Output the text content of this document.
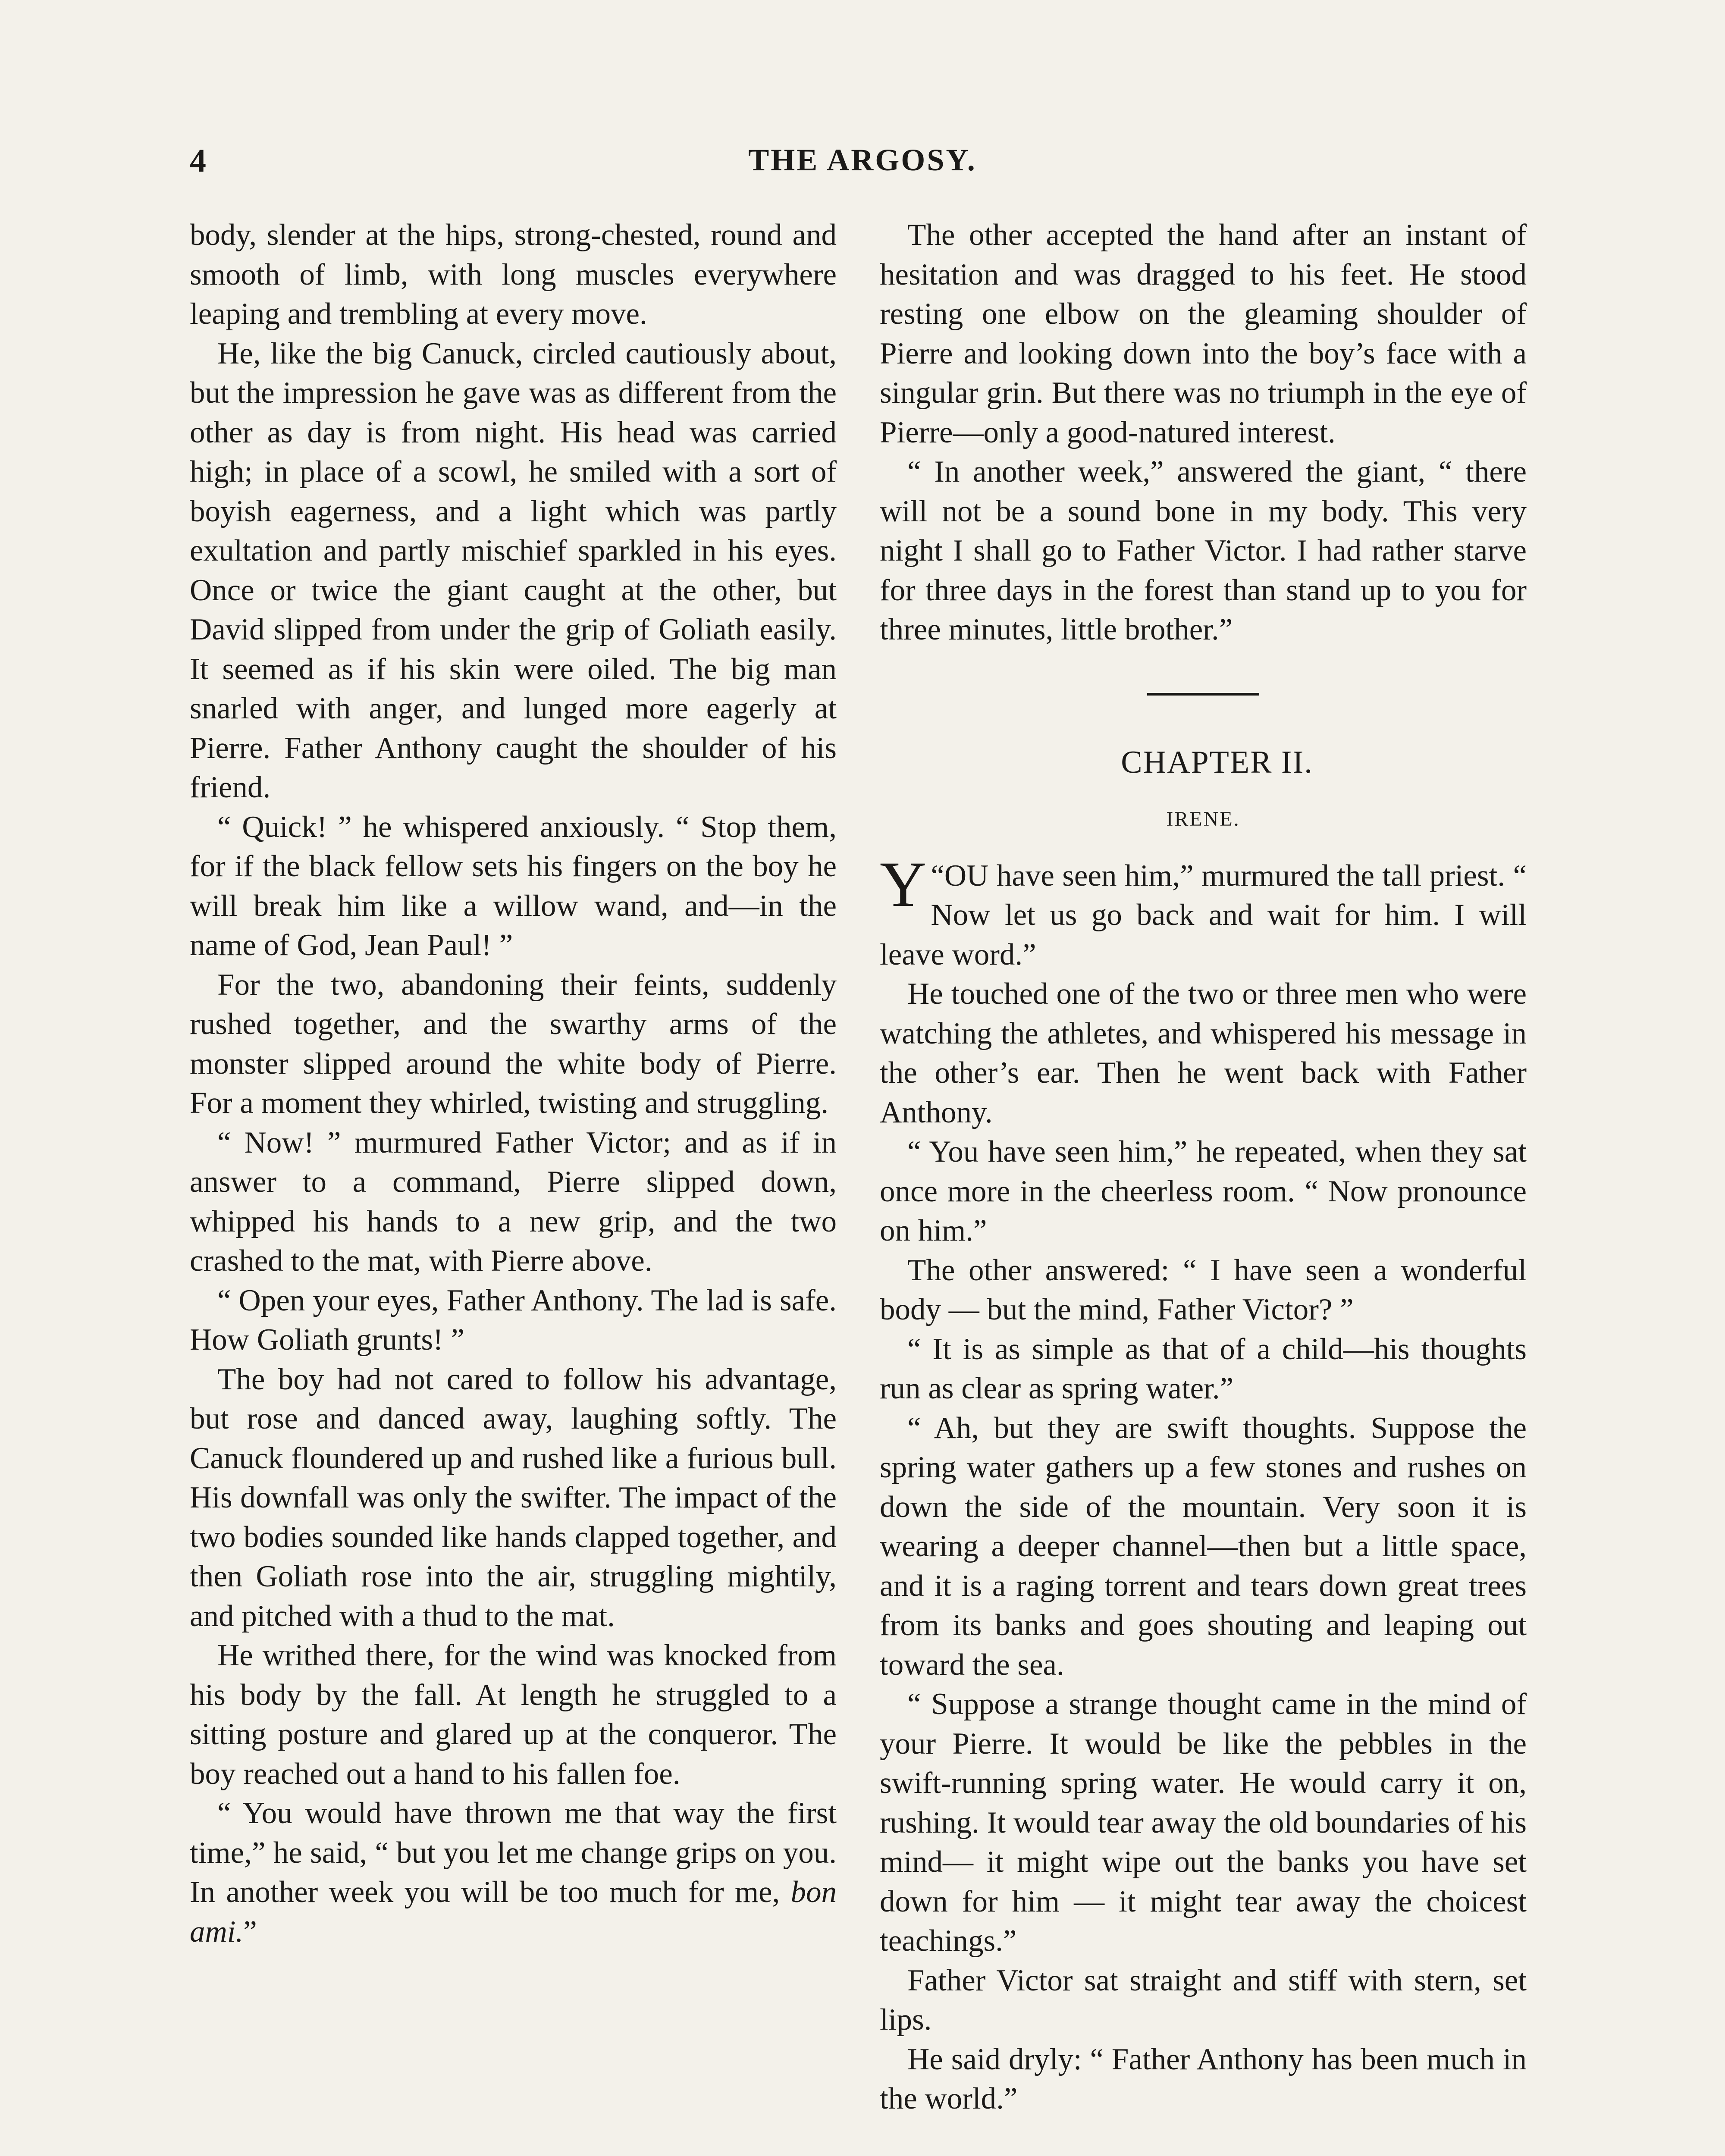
4	THE ARGOSY.

body, slender at the hips, strong-chested, round and smooth of limb, with long muscles everywhere leaping and trembling at every move.

He, like the big Canuck, circled cautiously about, but the impression he gave was as different from the other as day is from night. His head was carried high; in place of a scowl, he smiled with a sort of boyish eagerness, and a light which was partly exultation and partly mischief sparkled in his eyes. Once or twice the giant caught at the other, but David slipped from under the grip of Goliath easily. It seemed as if his skin were oiled. The big man snarled with anger, and lunged more eagerly at Pierre. Father Anthony caught the shoulder of his friend.

“ Quick! ” he whispered anxiously. “ Stop them, for if the black fellow sets his fingers on the boy he will break him like a willow wand, and—in the name of God, Jean Paul! ”

For the two, abandoning their feints, suddenly rushed together, and the swarthy arms of the monster slipped around the white body of Pierre. For a moment they whirled, twisting and struggling.

“ Now! ” murmured Father Victor; and as if in answer to a command, Pierre slipped down, whipped his hands to a new grip, and the two crashed to the mat, with Pierre above.

“ Open your eyes, Father Anthony. The lad is safe. How Goliath grunts! ”

The boy had not cared to follow his advantage, but rose and danced away, laughing softly. The Canuck floundered up and rushed like a furious bull. His downfall was only the swifter. The impact of the two bodies sounded like hands clapped together, and then Goliath rose into the air, struggling mightily, and pitched with a thud to the mat.

He writhed there, for the wind was knocked from his body by the fall. At length he struggled to a sitting posture and glared up at the conqueror. The boy reached out a hand to his fallen foe.

“ You would have thrown me that way the first time,” he said, “ but you let me change grips on you. In another week you will be too much for me, bon ami.”

The other accepted the hand after an instant of hesitation and was dragged to his feet. He stood resting one elbow on the gleaming shoulder of Pierre and looking down into the boy’s face with a singular grin. But there was no triumph in the eye of Pierre—only a good-natured interest.

“ In another week,” answered the giant, “ there will not be a sound bone in my body. This very night I shall go to Father Victor. I had rather starve for three days in the forest than stand up to you for three minutes, little brother.”

CHAPTER II.

IRENE.

“
Y OU have seen him,” murmured the tall priest. “ Now let us go back and wait for him. I will leave word.”

He touched one of the two or three men who were watching the athletes, and whispered his message in the other’s ear. Then he went back with Father Anthony.

“ You have seen him,” he repeated, when they sat once more in the cheerless room. “ Now pronounce on him.”

The other answered: “ I have seen a wonderful body — but the mind, Father Victor? ”

“ It is as simple as that of a child—his thoughts run as clear as spring water.”

“ Ah, but they are swift thoughts. Suppose the spring water gathers up a few stones and rushes on down the side of the mountain. Very soon it is wearing a deeper channel—then but a little space, and it is a raging torrent and tears down great trees from its banks and goes shouting and leaping out toward the sea.

“ Suppose a strange thought came in the mind of your Pierre. It would be like the pebbles in the swift-running spring water. He would carry it on, rushing. It would tear away the old boundaries of his mind— it might wipe out the banks you have set down for him — it might tear away the choicest teachings.”

Father Victor sat straight and stiff with stern, set lips.

He said dryly: “ Father Anthony has been much in the world.”
